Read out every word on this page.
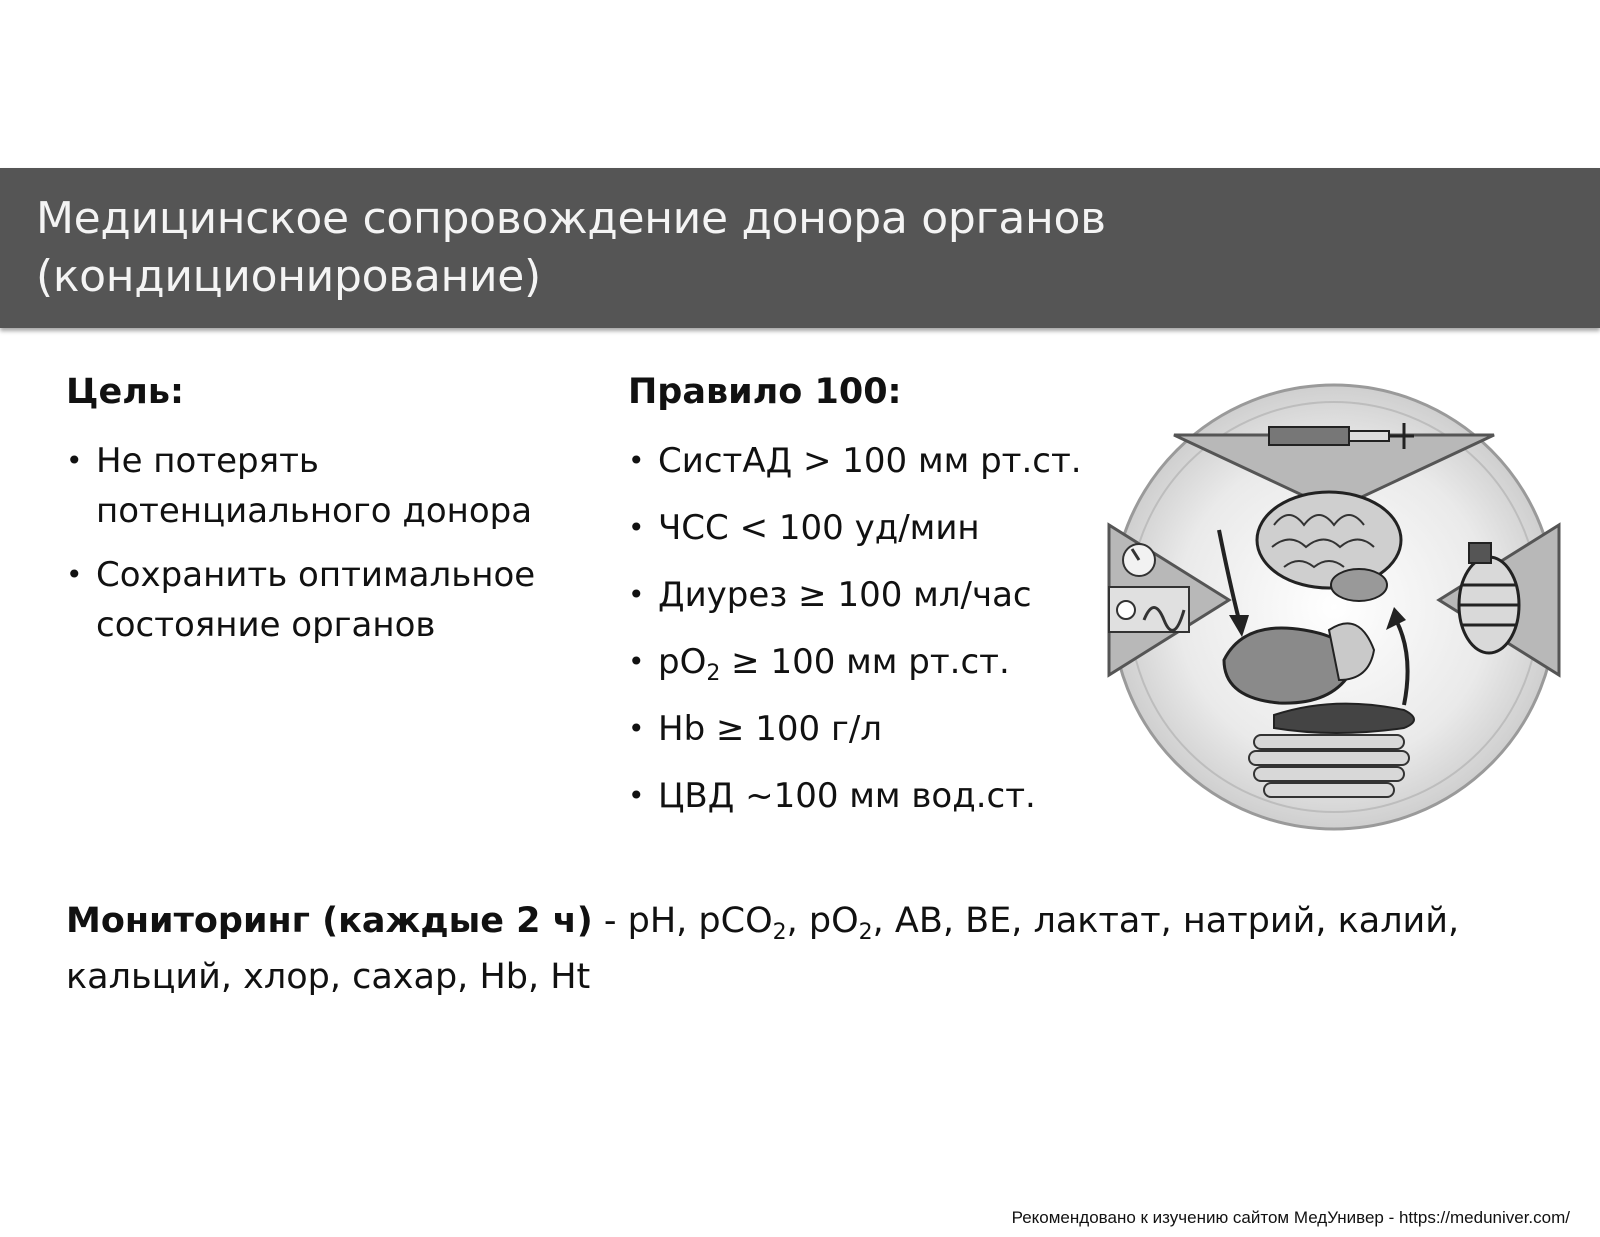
Медицинское сопровождение донора органов
(кондиционирование)
Цель:
• Не потерять
потенциального донора
• Сохранить оптимальное
состояние органов
Правило 100:
• СистАД > 100 мм рт.ст.
• ЧСС < 100 уд/мин
• Диурез ≥ 100 мл/час
• $pO_2 \ge 100$ мм рт.ст.
• Hb ≥ 100 г/л
• ЦВД ~100 мм вод.ст.
Мониторинг (каждые 2 ч) - pH, pCO$_2$, $pO_2$, AB, BE, лактат, натрий, калий,
кальций, хлор, сахар, Hb, Ht
Рекомендовано к изучению сайтом МедУнивер - https://meduniver.com/
